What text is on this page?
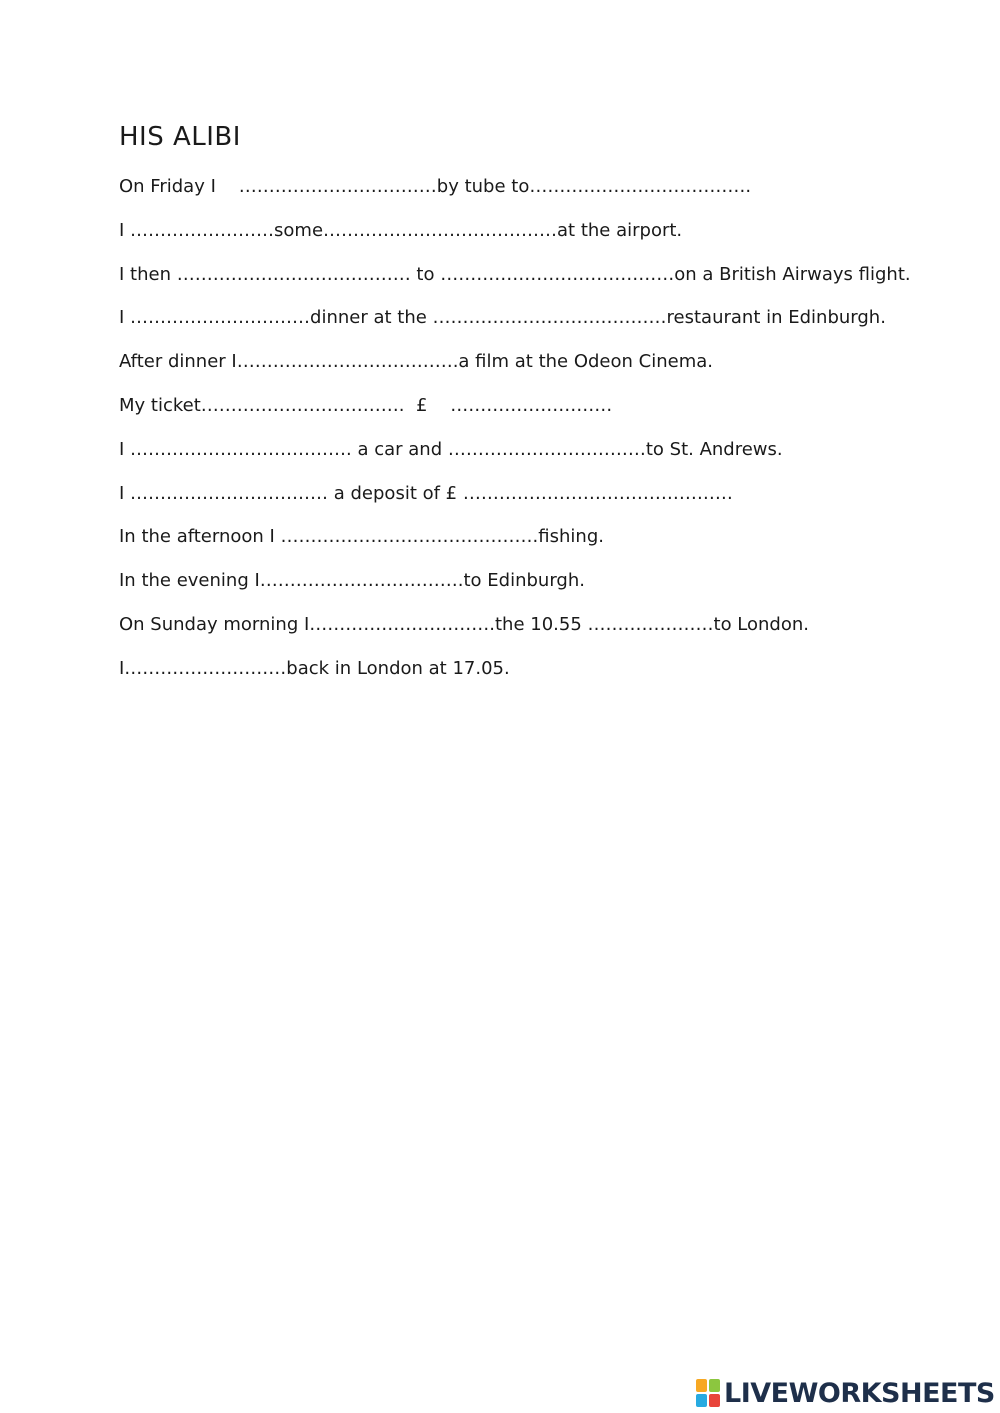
HIS ALIBI
On Friday I    ……………………………by tube to……………………………….
I ……………………some…………………………………at the airport.
I then ………………………………… to …………………………………on a British Airways flight.
I …………………………dinner at the …………………………………restaurant in Edinburgh.
After dinner I……………………………….a film at the Odeon Cinema.
My ticket…………………………….  £    ………………………
I ………………………………. a car and ……………………………to St. Andrews.
I …………………………… a deposit of £ ………………………………………
In the afternoon I …………………………………….fishing.
In the evening I…………………………….to Edinburgh.
On Sunday morning I………………………….the 10.55 …………………to London.
I………………………back in London at 17.05.
LIVEWORKSHEETS
